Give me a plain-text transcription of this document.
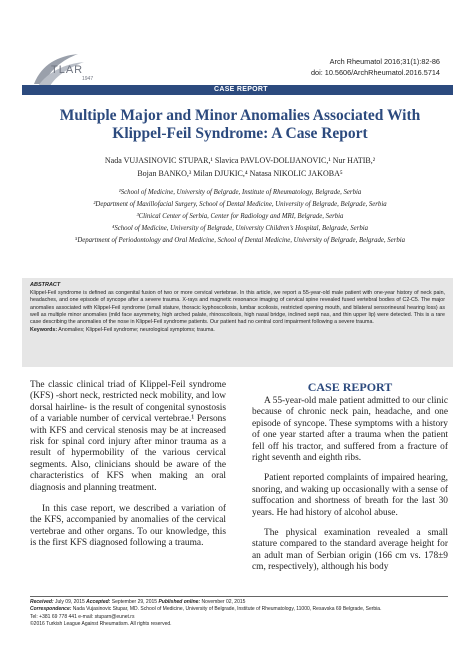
TLAR
1947
Arch Rheumatol 2016;31(1):82-86
doi: 10.5606/ArchRheumatol.2016.5714
CASE REPORT
Multiple Major and Minor Anomalies Associated With
Klippel-Feil Syndrome: A Case Report
Nada VUJASINOVIC STUPAR,¹ Slavica PAVLOV-DOLIJANOVIC,¹ Nur HATIB,²
Bojan BANKO,³ Milan DJUKIC,⁴ Natasa NIKOLIC JAKOBA⁵
¹School of Medicine, University of Belgrade, Institute of Rheumatology, Belgrade, Serbia
²Department of Maxillofacial Surgery, School of Dental Medicine, University of Belgrade, Belgrade, Serbia
³Clinical Center of Serbia, Center for Radiology and MRI, Belgrade, Serbia
⁴School of Medicine, University of Belgrade, University Children’s Hospital, Belgrade, Serbia
⁵Department of Periodontology and Oral Medicine, School of Dental Medicine, University of Belgrade, Belgrade, Serbia
ABSTRACT
Klippel-Feil syndrome is defined as congenital fusion of two or more cervical vertebrae. In this article, we report a 55-year-old male patient with one-year history of neck pain, headaches, and one episode of syncope after a severe trauma. X-rays and magnetic resonance imaging of cervical spine revealed fused vertebral bodies of C2-C5. The major anomalies associated with Klippel-Feil syndrome (small stature, thoracic kyphoscoliosis, lumbar scoliosis, restricted opening mouth, and bilateral sensorineural hearing loss) as well as multiple minor anomalies (mild face asymmetry, high arched palate, rhinoscoliosis, high nasal bridge, inclined septi nas, and thin upper lip) were detected. This is a rare case describing the anomalies of the nose in Klippel-Feil syndrome patients. Our patient had no central cord impairment following a severe trauma.
Keywords: Anomalies; Klippel-Feil syndrome; neurological symptoms; trauma.

The classic clinical triad of Klippel-Feil syndrome (KFS) -short neck, restricted neck mobility, and low dorsal hairline- is the result of congenital synostosis of a variable number of cervical vertebrae.¹ Persons with KFS and cervical stenosis may be at increased risk for spinal cord injury after minor trauma as a result of hypermobility of the various cervical segments. Also, clinicians should be aware of the characteristics of KFS when making an oral diagnosis and planning treatment.

In this case report, we described a variation of the KFS, accompanied by anomalies of the cervical vertebrae and other organs. To our knowledge, this is the first KFS diagnosed following a trauma.

CASE REPORT

A 55-year-old male patient admitted to our clinic because of chronic neck pain, headache, and one episode of syncope. These symptoms with a history of one year started after a trauma when the patient fell off his tractor, and suffered from a fracture of right seventh and eighth ribs.

Patient reported complaints of impaired hearing, snoring, and waking up occasionally with a sense of suffocation and shortness of breath for the last 30 years. He had history of alcohol abuse.

The physical examination revealed a small stature compared to the standard average height for an adult man of Serbian origin (166 cm vs. 178±9 cm, respectively), although his body

Received: July 09, 2015 Accepted: September 29, 2015 Published online: November 02, 2015
Correspondence: Nada Vujasinovic Stupar, MD. School of Medicine, University of Belgrade, Institute of Rheumatology, 11000, Resavska 69 Belgrade, Serbia.
Tel: +381 69 778 441 e-mail: stuparn@eunet.rs
©2016 Turkish League Against Rheumatism. All rights reserved.
